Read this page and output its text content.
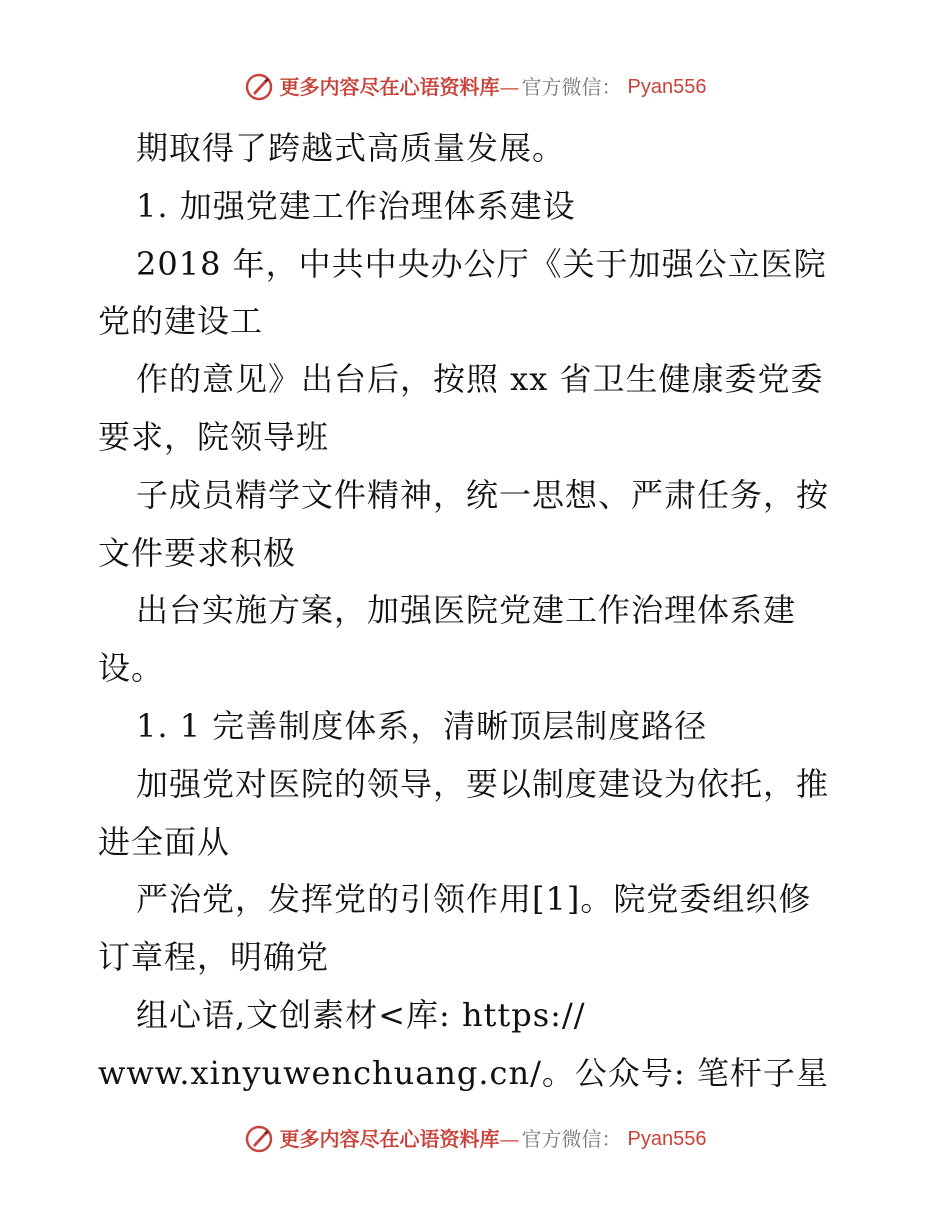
更多内容尽在心语资料库 — 官方微信： Pyan556
期取得了跨越式高质量发展。
1. 加强党建工作治理体系建设
2018 年，中共中央办公厅《关于加强公立医院
党的建设工
作的意见》出台后，按照 xx 省卫生健康委党委
要求，院领导班
子成员精学文件精神，统一思想、严肃任务，按
文件要求积极
出台实施方案，加强医院党建工作治理体系建
设。
1. 1 完善制度体系，清晰顶层制度路径
加强党对医院的领导，要以制度建设为依托，推
进全面从
严治党，发挥党的引领作用[1]。院党委组织修
订章程，明确党
组心语,文创素材<库: https://
www.xinyuwenchuang.cn/。公众号: 笔杆子星
更多内容尽在心语资料库 — 官方微信： Pyan556
